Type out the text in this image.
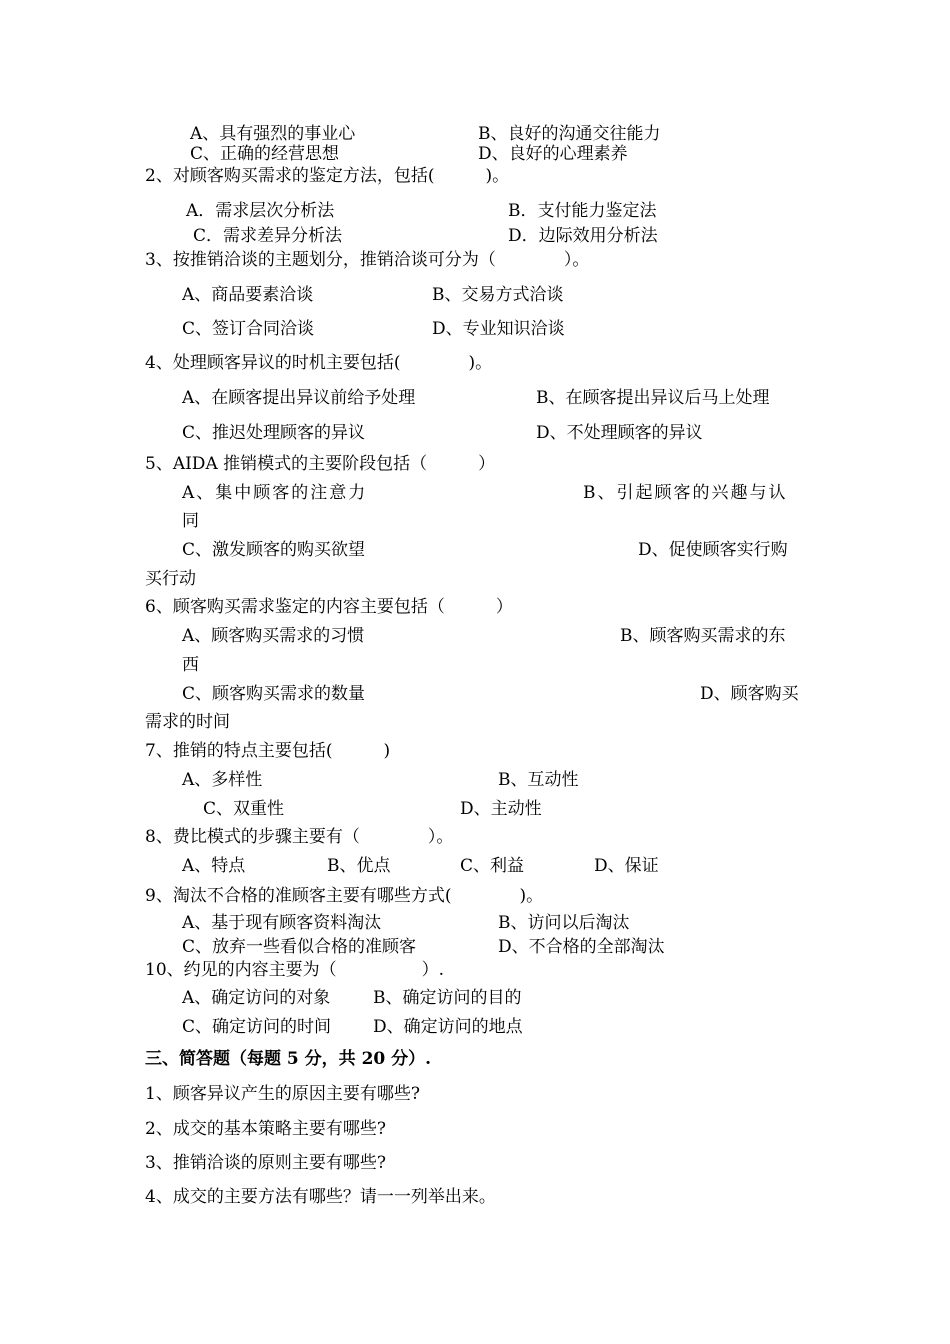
A、具有强烈的事业心	B、良好的沟通交往能力
C、正确的经营思想	D、良好的心理素养
2、对顾客购买需求的鉴定方法，包括(　　　)。
A．需求层次分析法	B．支付能力鉴定法
C．需求差异分析法	D．边际效用分析法
3、按推销洽谈的主题划分，推销洽谈可分为（　　　　）。
A、商品要素洽谈	B、交易方式洽谈
C、签订合同洽谈	D、专业知识洽谈
4、处理顾客异议的时机主要包括(　　　　)。
A、在顾客提出异议前给予处理	B、在顾客提出异议后马上处理
C、推迟处理顾客的异议	D、不处理顾客的异议
5、AIDA 推销模式的主要阶段包括（　　　）
A、集中顾客的注意力	B、引起顾客的兴趣与认
同
C、激发顾客的购买欲望	D、促使顾客实行购
买行动
6、顾客购买需求鉴定的内容主要包括（　　　）
A、顾客购买需求的习惯	B、顾客购买需求的东
西
C、顾客购买需求的数量	D、顾客购买
需求的时间
7、推销的特点主要包括(　　　)
A、多样性	B、互动性
C、双重性	D、主动性
8、费比模式的步骤主要有（　　　　）。
A、特点	B、优点	C、利益	D、保证
9、淘汰不合格的准顾客主要有哪些方式(　　　　)。
A、基于现有顾客资料淘汰	B、访问以后淘汰
C、放弃一些看似合格的准顾客	D、不合格的全部淘汰
10、约见的内容主要为（　　　　　）.
A、确定访问的对象	B、确定访问的目的
C、确定访问的时间 D、确定访问的地点
三、简答题（每题 5 分，共 20 分）.
1、顾客异议产生的原因主要有哪些?
2、成交的基本策略主要有哪些?
3、推销洽谈的原则主要有哪些?
4、成交的主要方法有哪些？请一一列举出来。
